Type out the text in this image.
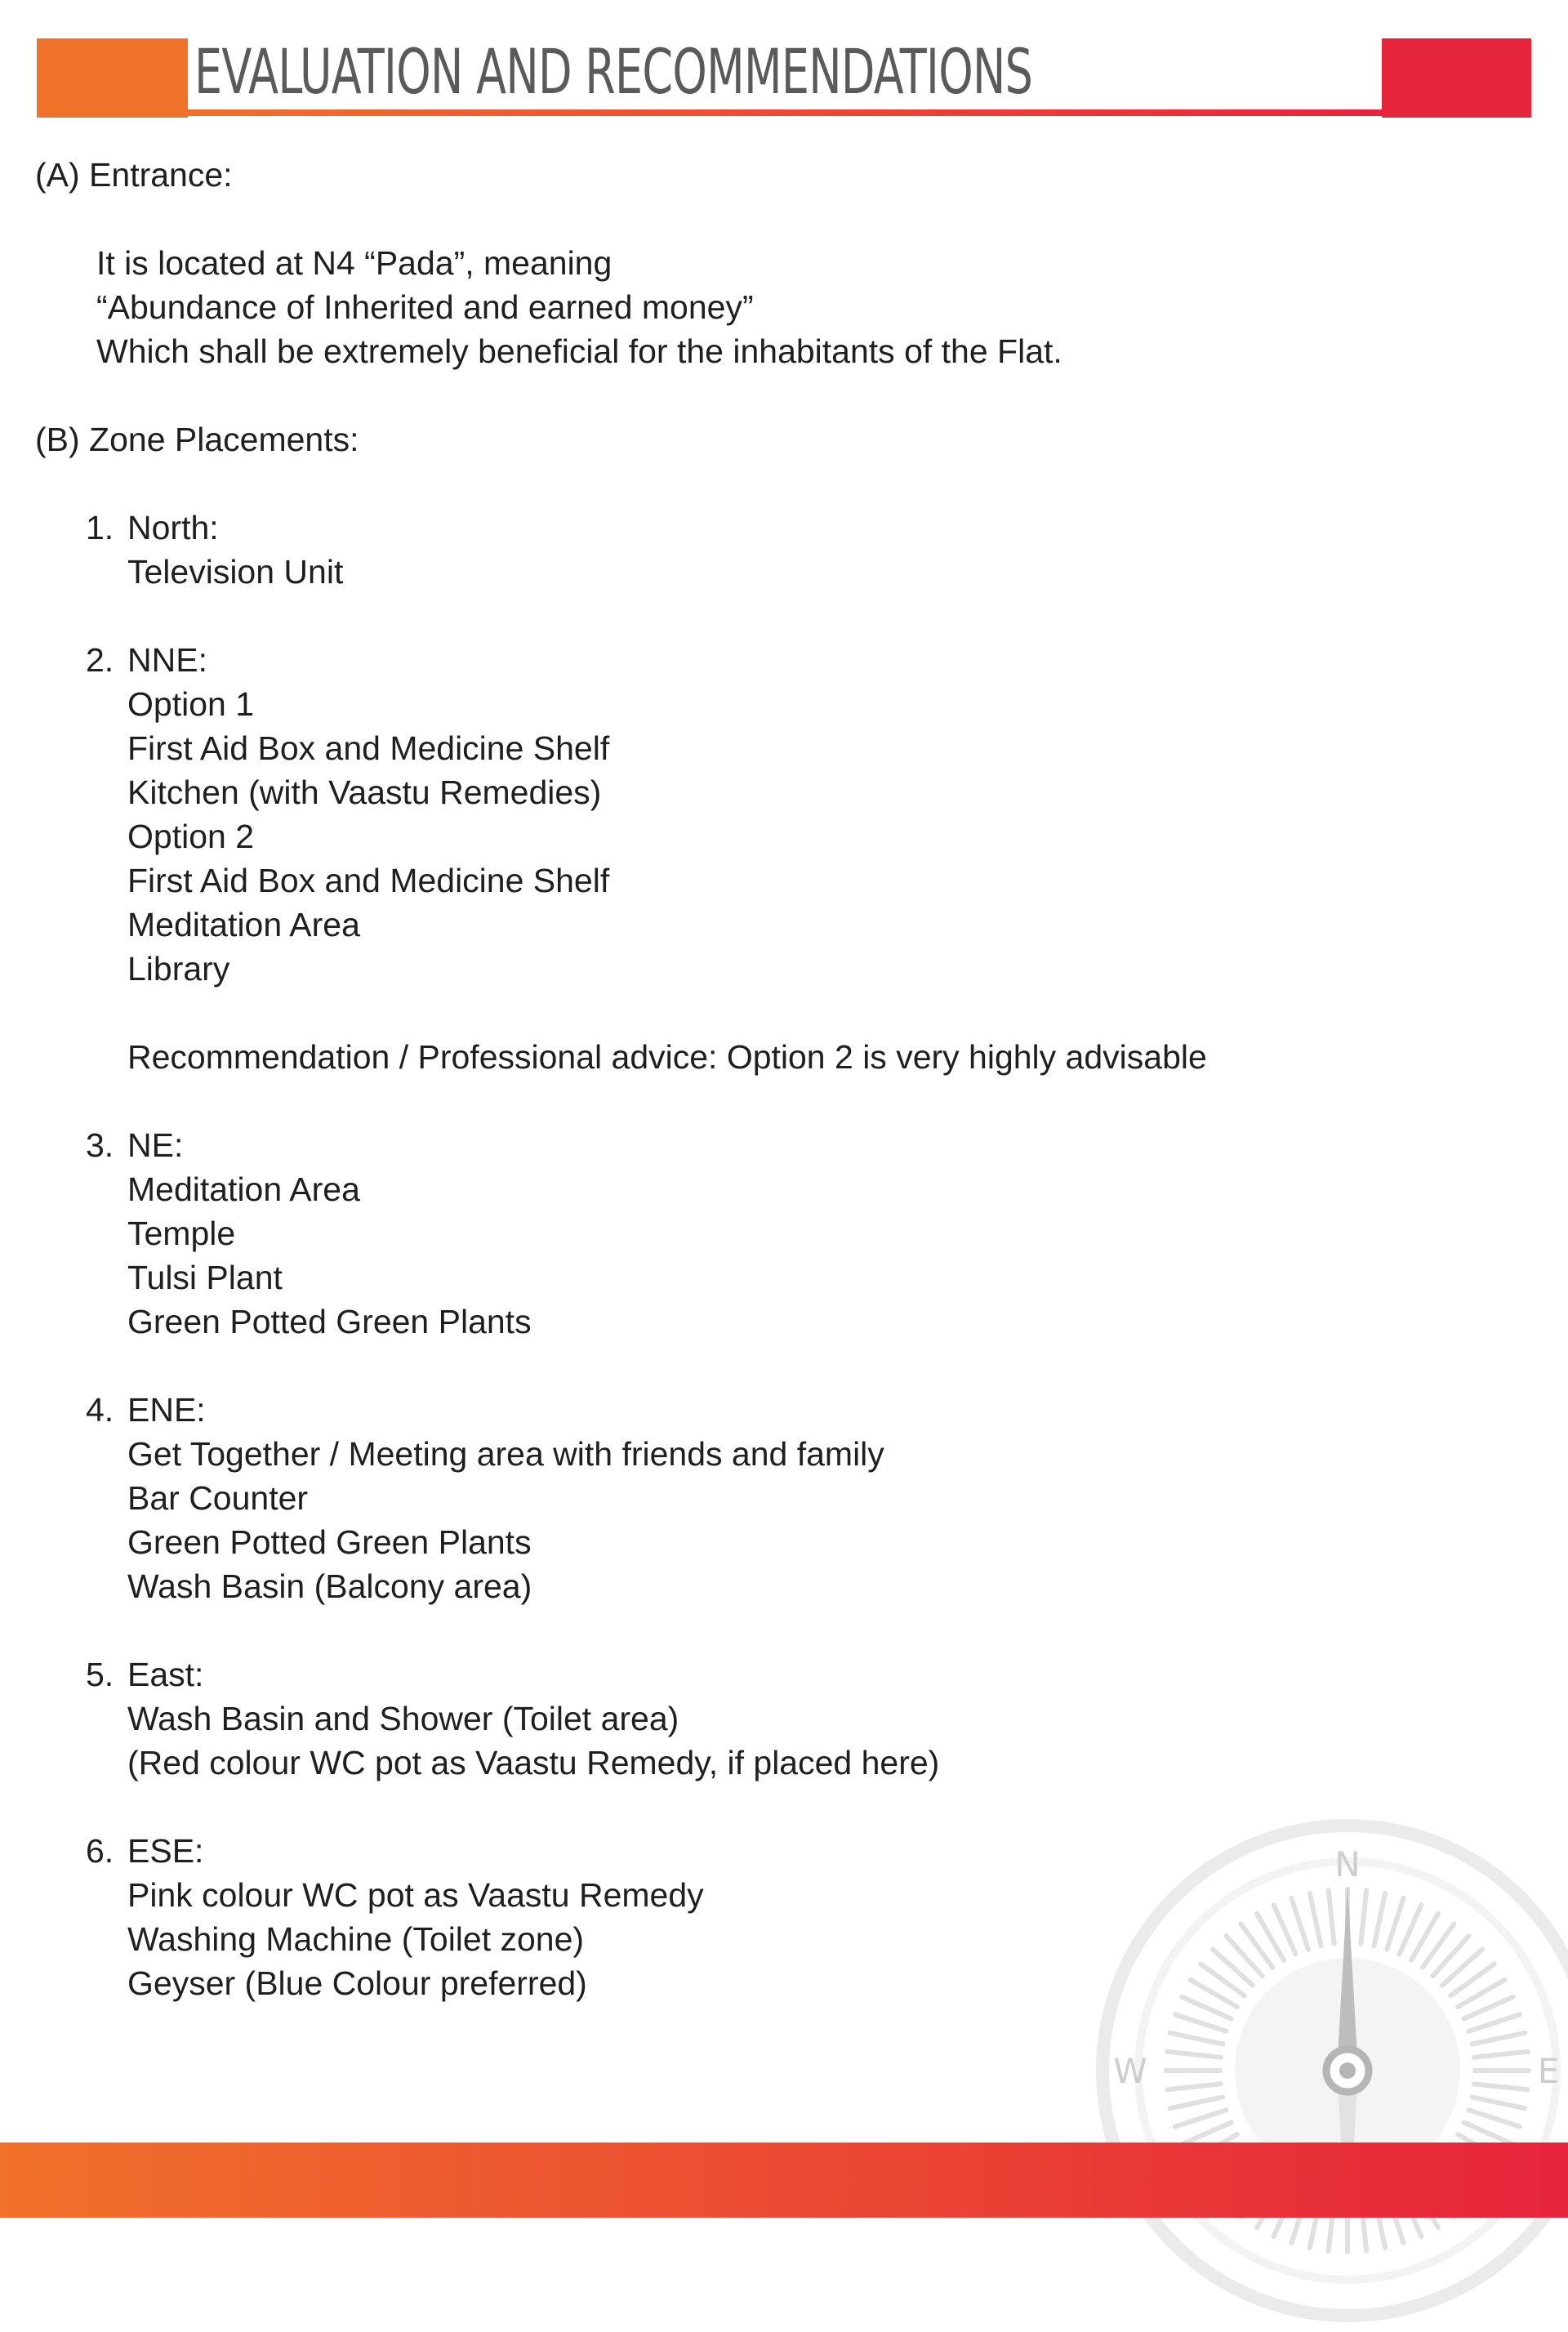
EVALUATION AND RECOMMENDATIONS
(A) Entrance:
It is located at N4 “Pada”, meaning
“Abundance of Inherited and earned money”
Which shall be extremely beneficial for the inhabitants of the Flat.
(B) Zone Placements:
1. North:
Television Unit
2. NNE:
Option 1
First Aid Box and Medicine Shelf
Kitchen (with Vaastu Remedies)
Option 2
First Aid Box and Medicine Shelf
Meditation Area
Library
Recommendation / Professional advice: Option 2 is very highly advisable
3. NE:
Meditation Area
Temple
Tulsi Plant
Green Potted Green Plants
4. ENE:
Get Together / Meeting area with friends and family
Bar Counter
Green Potted Green Plants
Wash Basin (Balcony area)
5. East:
Wash Basin and Shower (Toilet area)
(Red colour WC pot as Vaastu Remedy, if placed here)
6. ESE:
Pink colour WC pot as Vaastu Remedy
Washing Machine (Toilet zone)
Geyser (Blue Colour preferred)
N
W	E
